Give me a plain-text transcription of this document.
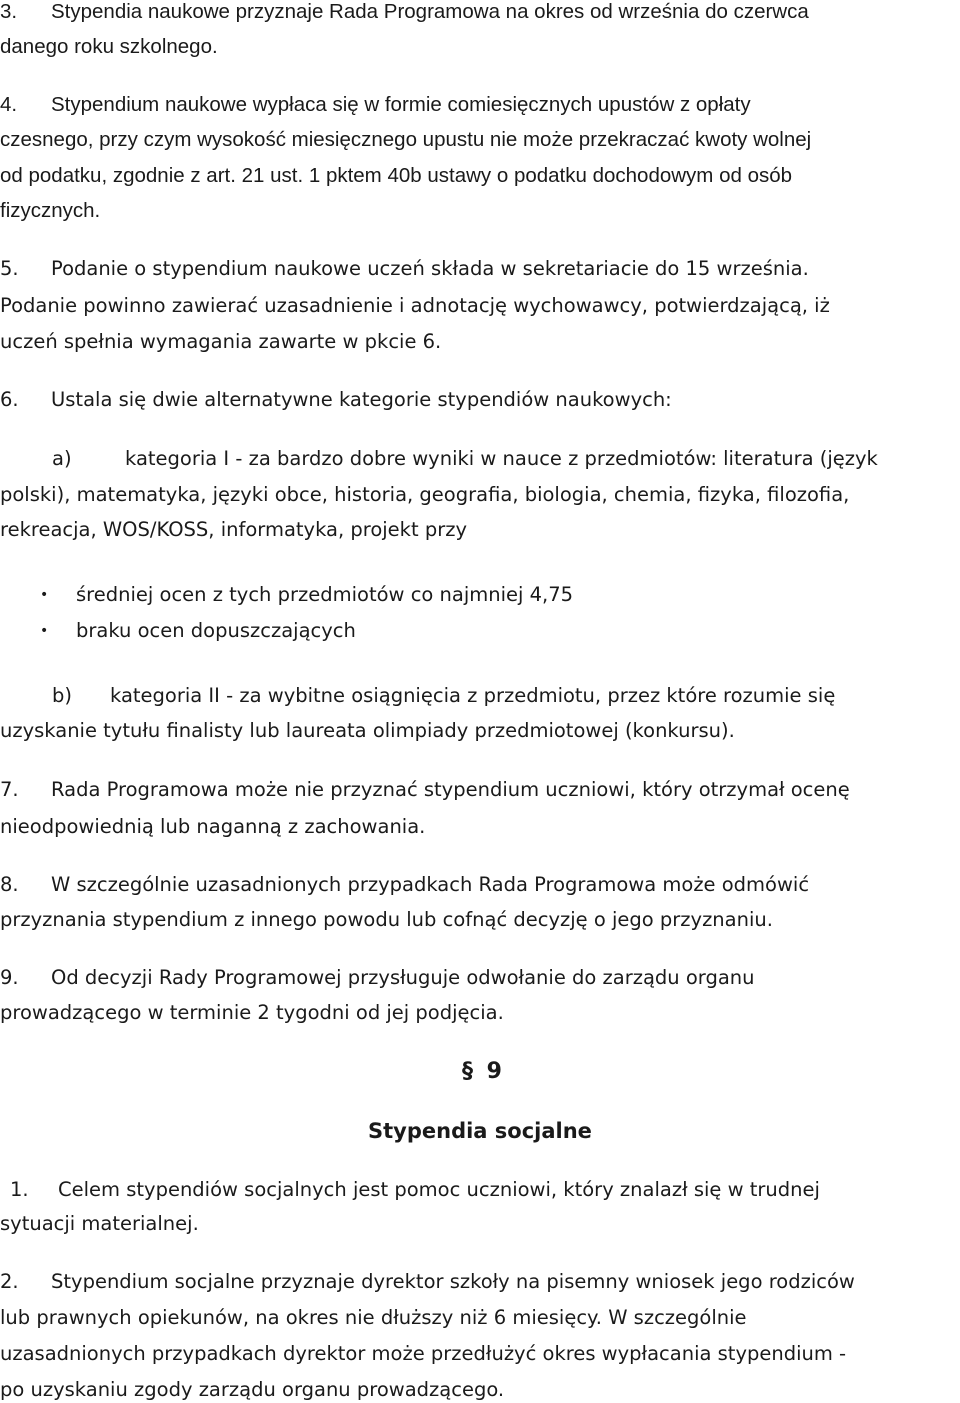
3. Stypendia naukowe przyznaje Rada Programowa na okres od września do czerwca
danego roku szkolnego.
4. Stypendium naukowe wypłaca się w formie comiesięcznych upustów z opłaty
czesnego, przy czym wysokość miesięcznego upustu nie może przekraczać kwoty wolnej
od podatku, zgodnie z art. 21 ust. 1 pktem 40b ustawy o podatku dochodowym od osób
fizycznych.
5. Podanie o stypendium naukowe uczeń składa w sekretariacie do 15 września.
Podanie powinno zawierać uzasadnienie i adnotację wychowawcy, potwierdzającą, iż
uczeń spełnia wymagania zawarte w pkcie 6.
6. Ustala się dwie alternatywne kategorie stypendiów naukowych:
a)	kategoria I - za bardzo dobre wyniki w nauce z przedmiotów: literatura (język
polski), matematyka, języki obce, historia, geografia, biologia, chemia, fizyka, filozofia,
rekreacja, WOS/KOSS, informatyka, projekt przy
• średniej ocen z tych przedmiotów co najmniej 4,75
• braku ocen dopuszczających
b) kategoria II - za wybitne osiągnięcia z przedmiotu, przez które rozumie się
uzyskanie tytułu finalisty lub laureata olimpiady przedmiotowej (konkursu).
7. Rada Programowa może nie przyznać stypendium uczniowi, który otrzymał ocenę
nieodpowiednią lub naganną z zachowania.
8. W szczególnie uzasadnionych przypadkach Rada Programowa może odmówić
przyznania stypendium z innego powodu lub cofnąć decyzję o jego przyznaniu.
9. Od decyzji Rady Programowej przysługuje odwołanie do zarządu organu
prowadzącego w terminie 2 tygodni od jej podjęcia.
§ 9
Stypendia socjalne
1. Celem stypendiów socjalnych jest pomoc uczniowi, który znalazł się w trudnej
sytuacji materialnej.
2. Stypendium socjalne przyznaje dyrektor szkoły na pisemny wniosek jego rodziców
lub prawnych opiekunów, na okres nie dłuższy niż 6 miesięcy. W szczególnie
uzasadnionych przypadkach dyrektor może przedłużyć okres wypłacania stypendium -
po uzyskaniu zgody zarządu organu prowadzącego.
